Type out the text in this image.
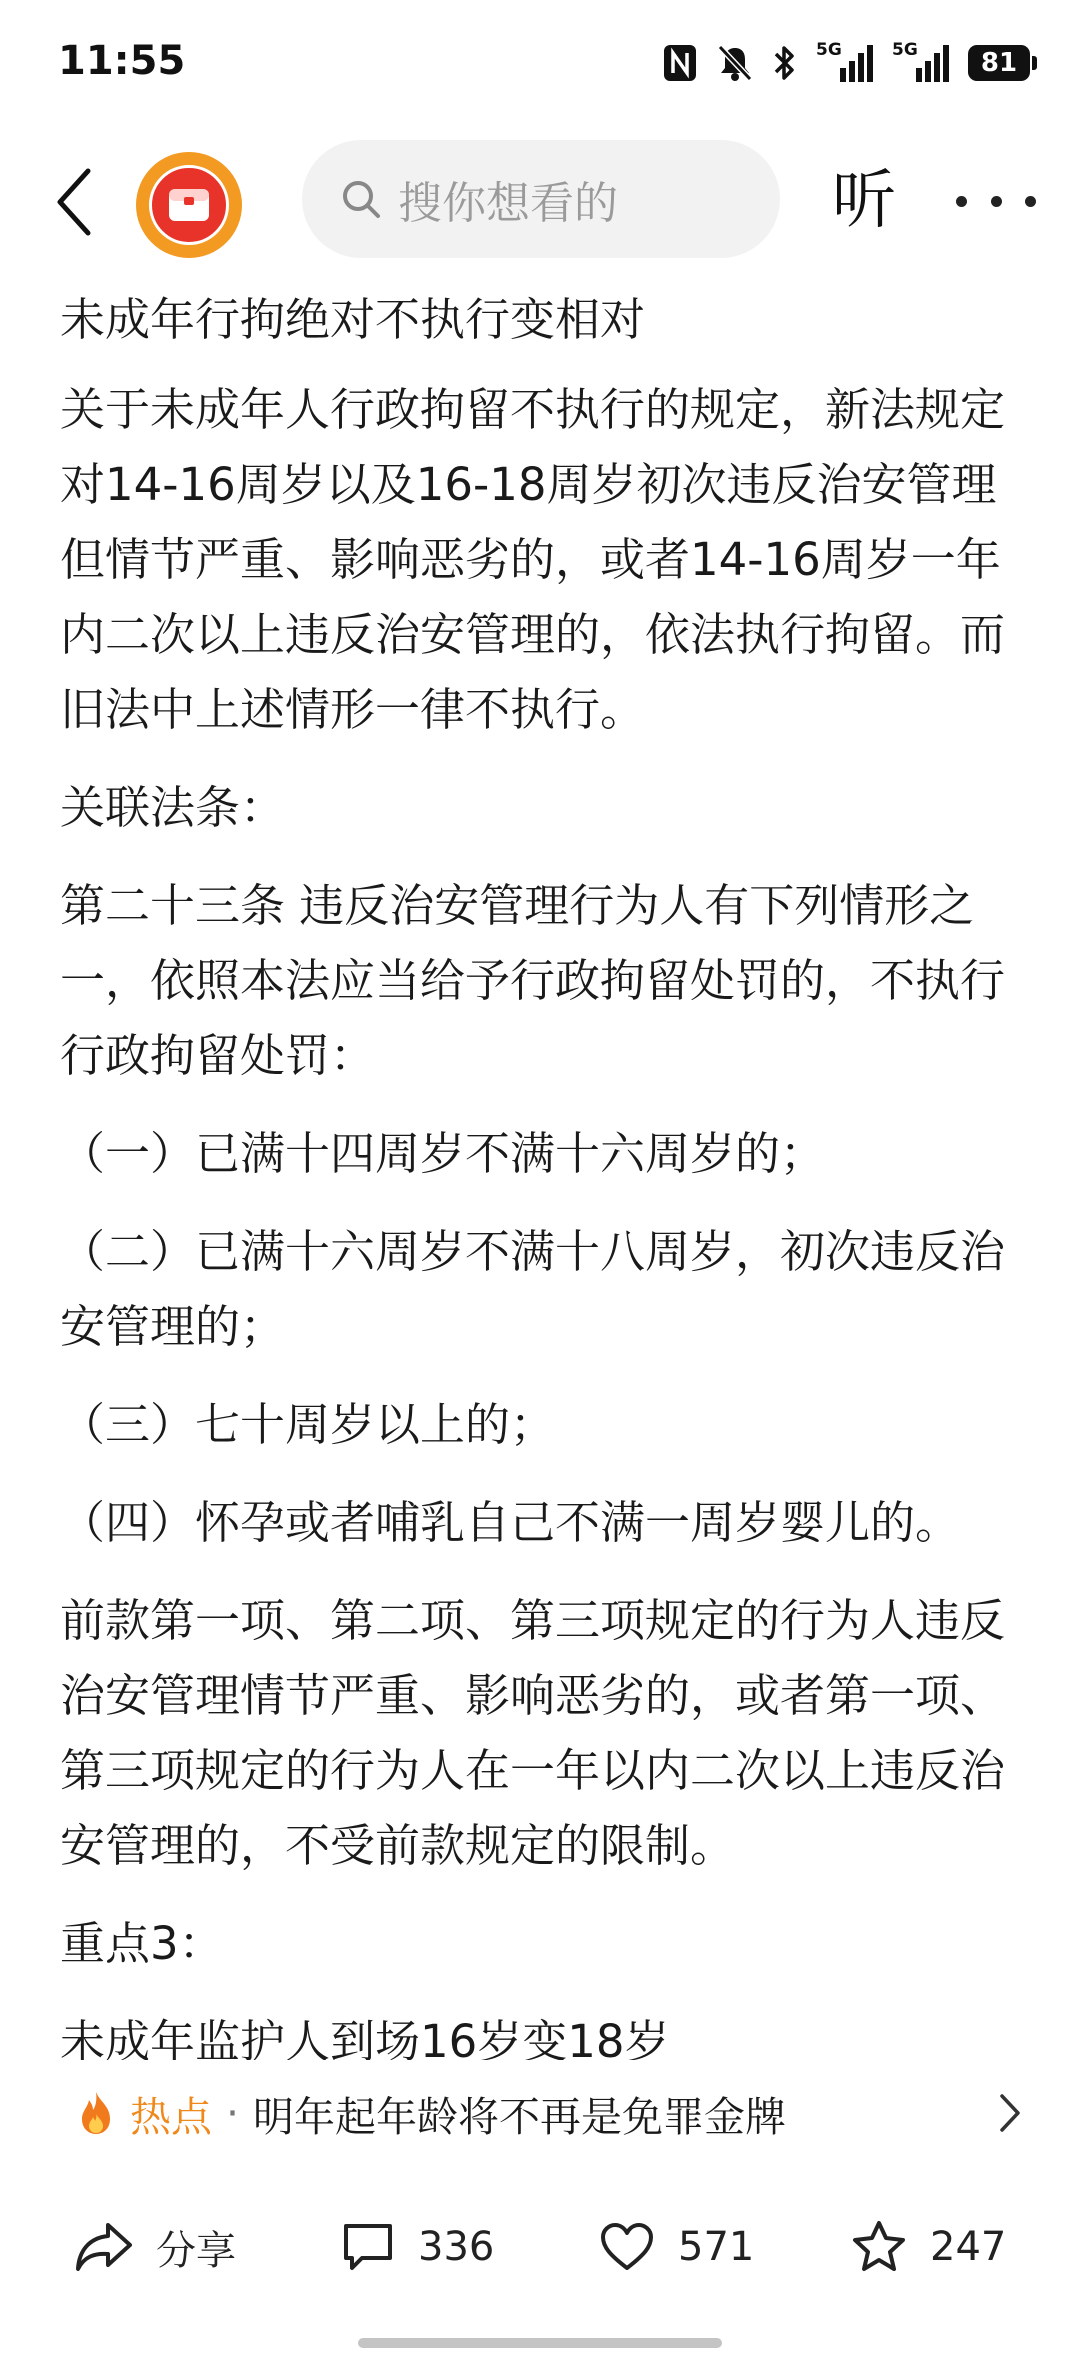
11:55	5G	5G 81
搜你想看的	听

未成年行拘绝对不执行变相对

关于未成年人行政拘留不执行的规定，新法规定对14-16周岁以及16-18周岁初次违反治安管理但情节严重、影响恶劣的，或者14-16周岁一年内二次以上违反治安管理的，依法执行拘留。而旧法中上述情形一律不执行。

关联法条：

第二十三条 违反治安管理行为人有下列情形之一，依照本法应当给予行政拘留处罚的，不执行行政拘留处罚：

（一）已满十四周岁不满十六周岁的；

（二）已满十六周岁不满十八周岁，初次违反治安管理的；

（三）七十周岁以上的；

（四）怀孕或者哺乳自己不满一周岁婴儿的。

前款第一项、第二项、第三项规定的行为人违反治安管理情节严重、影响恶劣的，或者第一项、第三项规定的行为人在一年以内二次以上违反治安管理的，不受前款规定的限制。

重点3：

未成年监护人到场16岁变18岁

热点 · 明年起年龄将不再是免罪金牌
分享	336	571	247
